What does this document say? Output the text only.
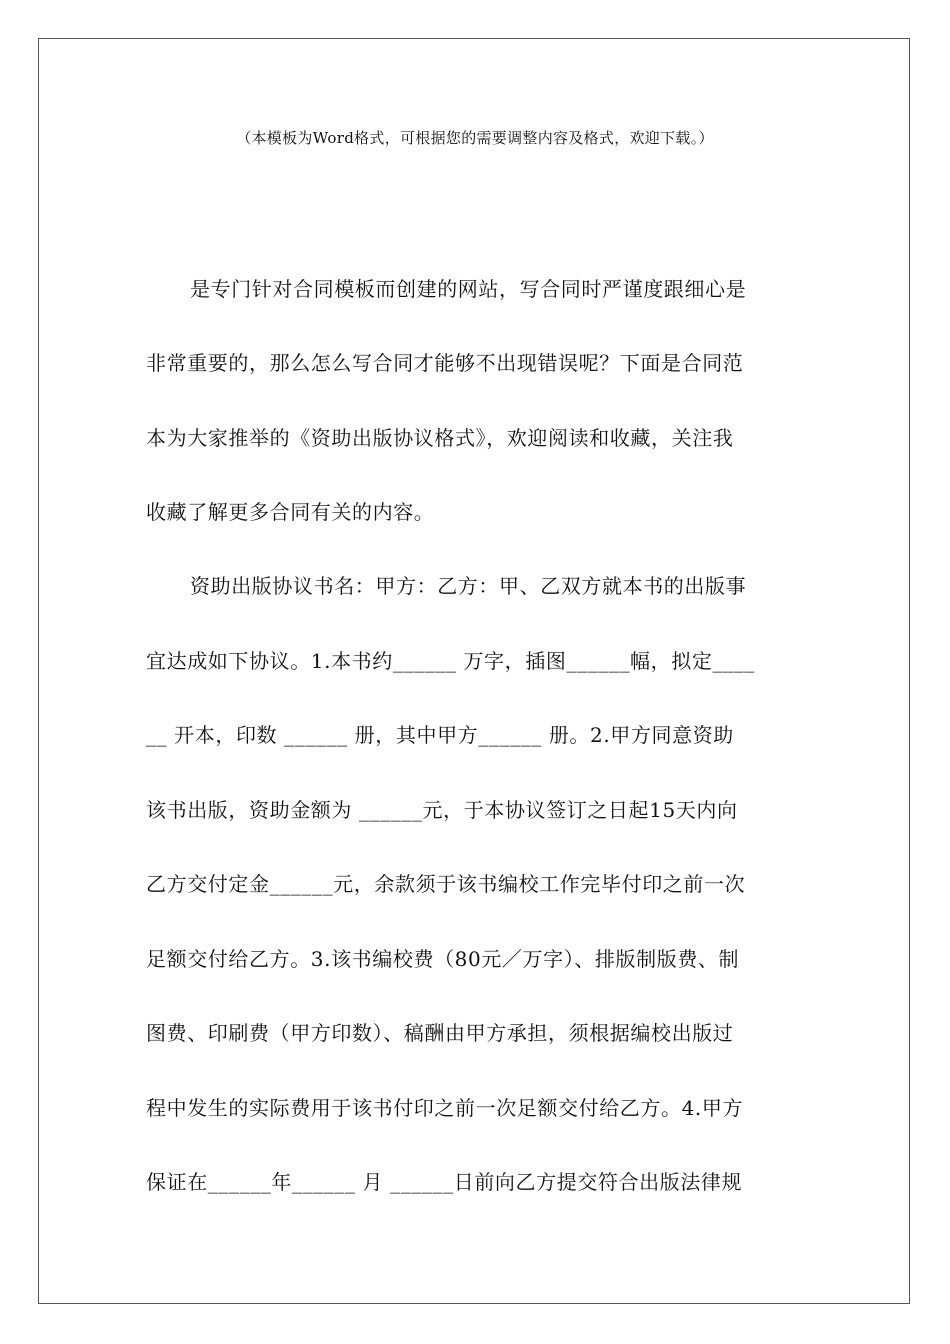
（本模板为Word格式，可根据您的需要调整内容及格式，欢迎下载。）
是专门针对合同模板而创建的网站，写合同时严谨度跟细心是
非常重要的，那么怎么写合同才能够不出现错误呢？下面是合同范
本为大家推举的《资助出版协议格式》，欢迎阅读和收藏，关注我
收藏了解更多合同有关的内容。
资助出版协议书名：甲方：乙方：甲、乙双方就本书的出版事
宜达成如下协议。1.本书约______ 万字，插图______幅，拟定____
__ 开本，印数 ______ 册，其中甲方______ 册。2.甲方同意资助
该书出版，资助金额为 ______元，于本协议签订之日起15天内向
乙方交付定金______元，余款须于该书编校工作完毕付印之前一次
足额交付给乙方。3.该书编校费（80元／万字）、排版制版费、制
图费、印刷费（甲方印数）、稿酬由甲方承担，须根据编校出版过
程中发生的实际费用于该书付印之前一次足额交付给乙方。4.甲方
保证在______年______ 月 ______日前向乙方提交符合出版法律规
